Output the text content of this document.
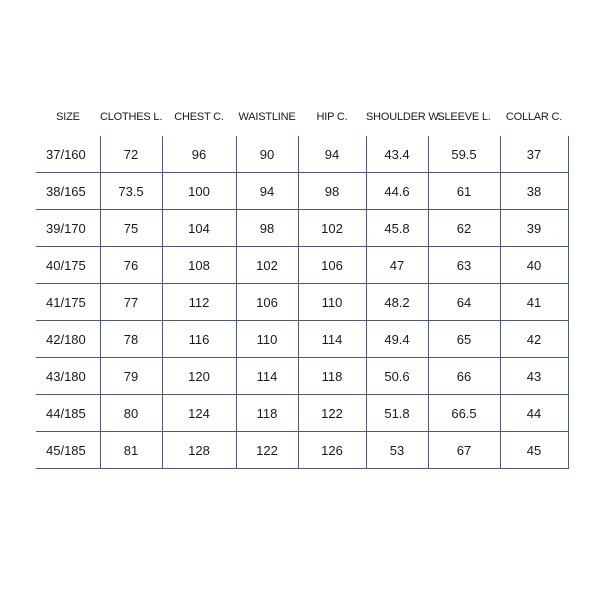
SIZE	CLOTHES L.	CHEST C.	WAISTLINE	HIP C.	SHOULDER W.	SLEEVE L.	COLLAR C.
37/160	72	96	90	94	43.4	59.5	37
38/165	73.5	100	94	98	44.6	61	38
39/170	75	104	98	102	45.8	62	39
40/175	76	108	102	106	47	63	40
41/175	77	112	106	110	48.2	64	41
42/180	78	116	110	114	49.4	65	42
43/180	79	120	114	118	50.6	66	43
44/185	80	124	118	122	51.8	66.5	44
45/185	81	128	122	126	53	67	45
